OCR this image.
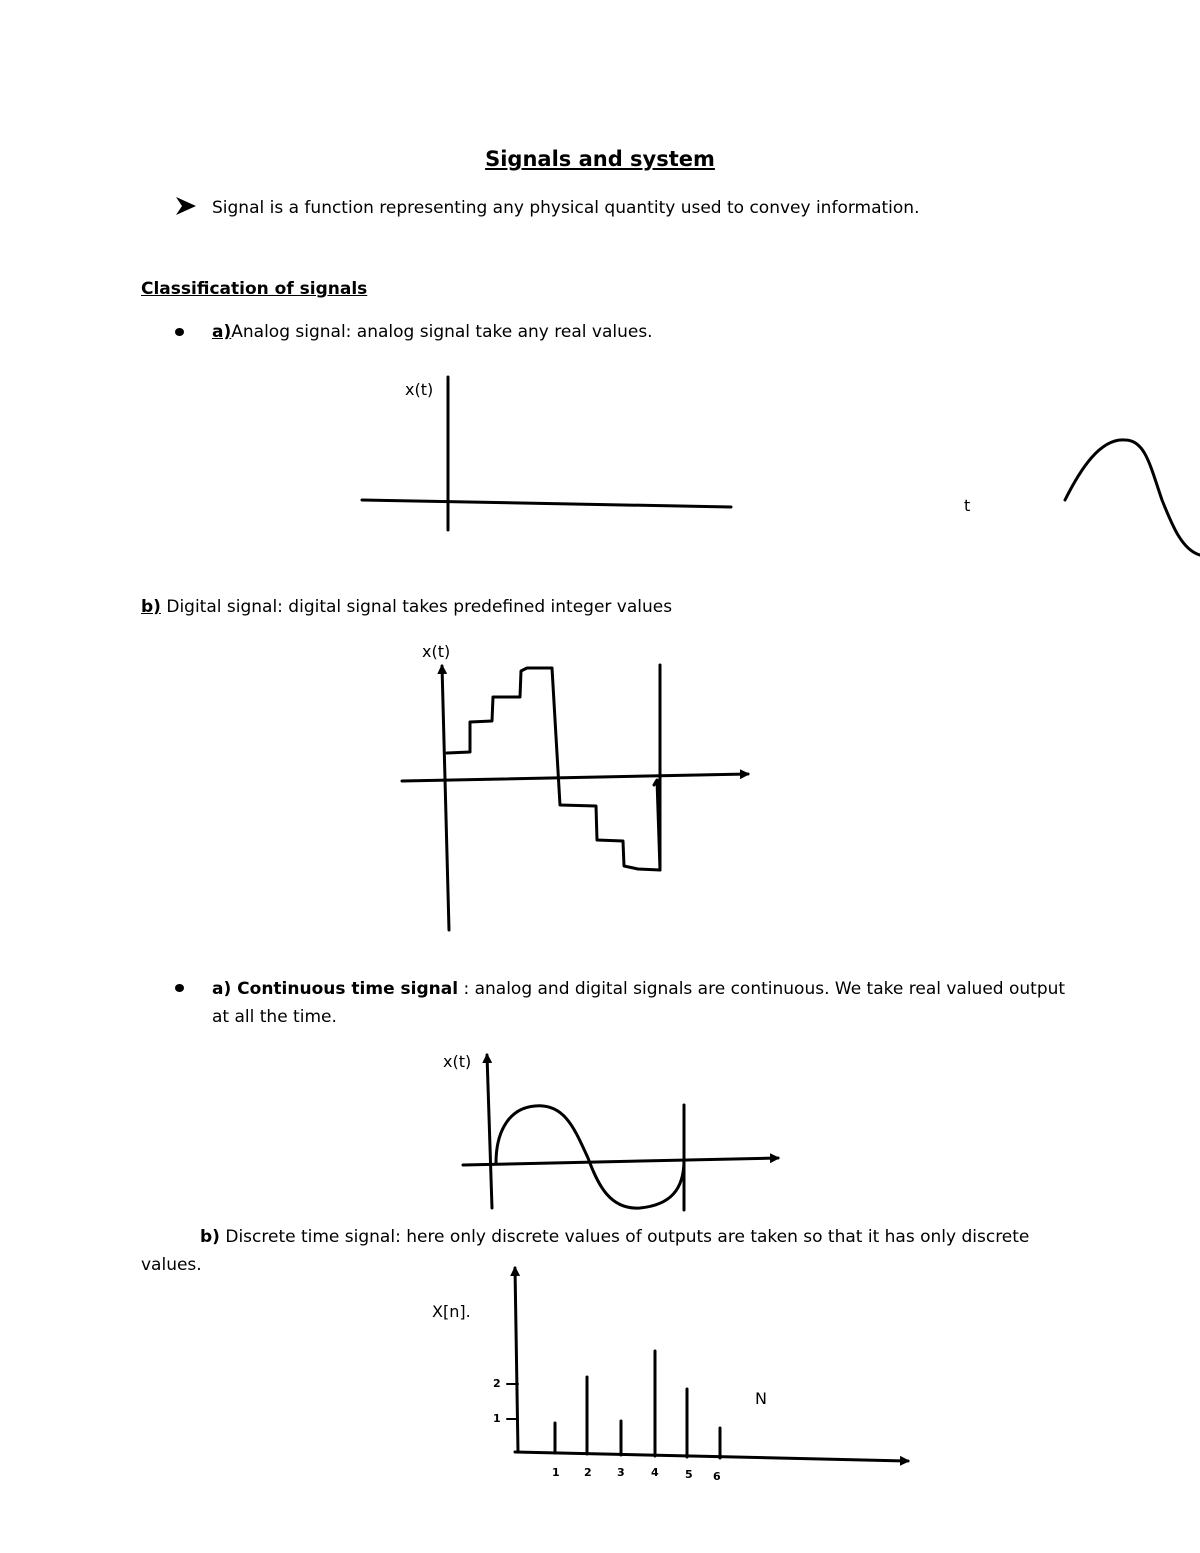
Signals and system
Signal is a function representing any physical quantity used to convey information.
Classification of signals
a)Analog signal: analog signal take any real values.
x(t)
t
b) Digital signal: digital signal takes predefined integer values
x(t)
a) Continuous time signal : analog and digital signals are continuous. We take real valued output
at all the time.
x(t)
b) Discrete time signal: here only discrete values of outputs are taken so that it has only discrete
values.
X[n].
N
2
1
1 2 3 4 5 6
